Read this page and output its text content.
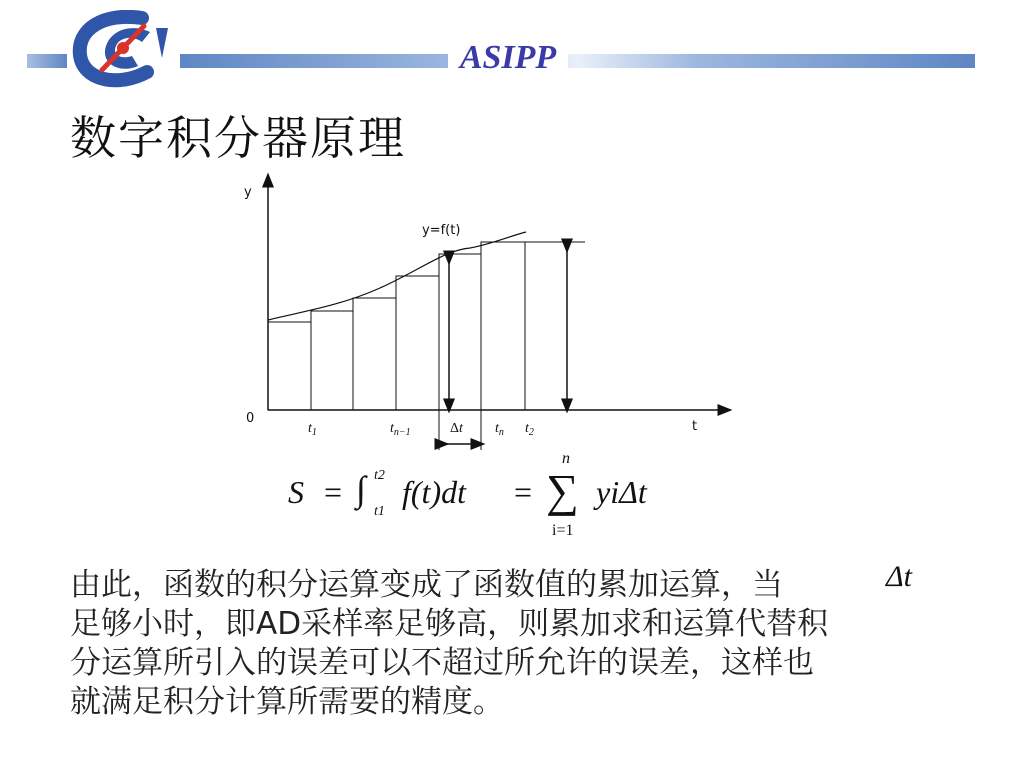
ASIPP
数字积分器原理
y
t
0
y=f(t)
$t_1$	$t_{n-1}$	Δt $t_n$ $t_2$
S = ∫ t2
t1
f(t)dt =
n
∑
i=1
yiΔt

由此，函数的积分运算变成了函数值的累加运算，当

足够小时，即AD采样率足够高，则累加求和运算代替积

分运算所引入的误差可以不超过所允许的误差，这样也

就满足积分计算所需要的精度。

Δt
